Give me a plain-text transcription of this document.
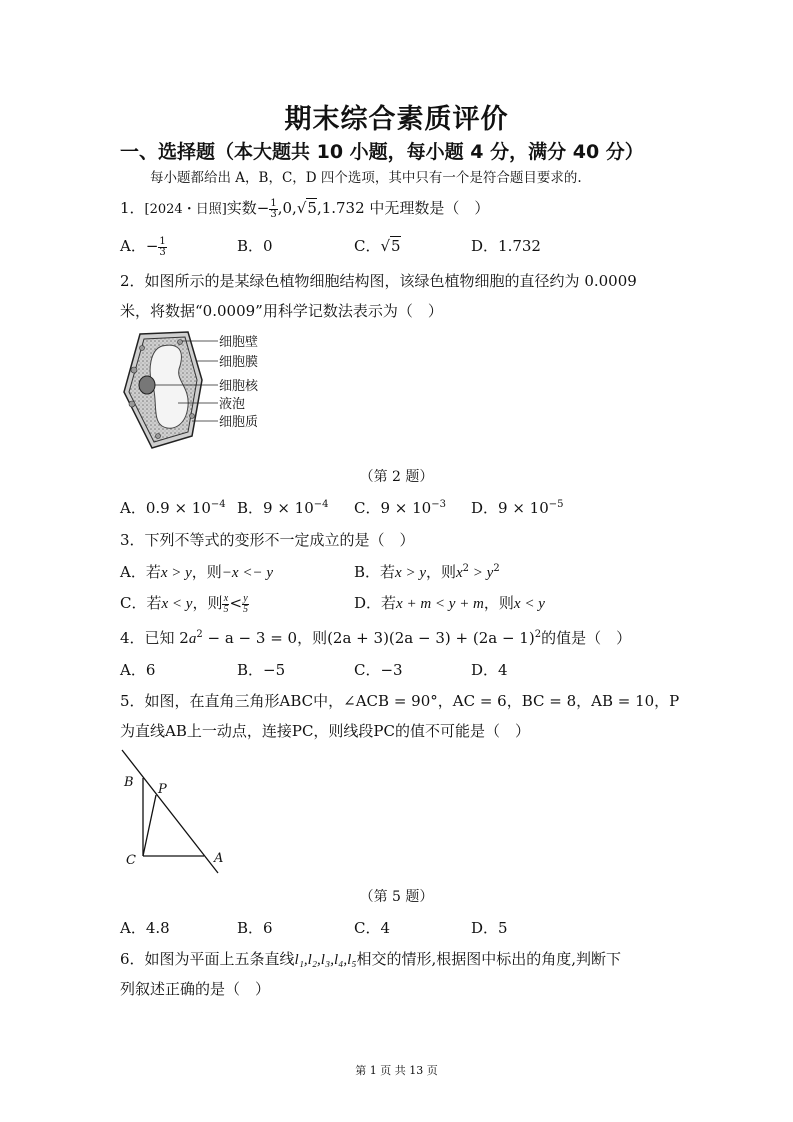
期末综合素质评价
一、选择题（本大题共 10 小题，每小题 4 分，满分 40 分）
每小题都给出 A，B，C，D 四个选项，其中只有一个是符合题目要求的.
1．[2024・日照]实数− $\frac{1}{3} ,0,√5,1.732$ 中无理数是（　）
A．− $\frac{1}{3}$	B．0	C．√5	D．1.732
2．如图所示的是某绿色植物细胞结构图，该绿色植物细胞的直径约为 0.0009
米，将数据“0.0009”用科学记数法表示为（　）
细胞壁
细胞膜
细胞核
液泡
细胞质
（第 2 题）
A．$0.9 \times 10^{-4}$ B．$9 \times 10^{-4}$ C．$9 \times 10^{-3}$ D．$9 \times 10^{-5}$
3．下列不等式的变形不一定成立的是（　）
A．若x > y，则−x <− y	B．若x > y，则$x^2 > y^2$
C．若x < y，则 $\frac{x}{5} < \frac{y}{5}$	D．若x + m < y + m，则x < y
4．已知 $2a^2 - a - 3 = 0$，则$(2a + 3)(2a - 3) + (2a - 1)^2$的值是（　）
A．6	B．−5	C．−3	D．4
5．如图，在直角三角形ABC中，∠ACB = 90°，AC = 6，BC = 8，AB = 10，P
为直线AB上一动点，连接PC，则线段PC的值不可能是（　）
B P
C	A
（第 5 题）
A．4.8	B．6	C．4	D．5
6．如图为平面上五条直线l₁,l₂,l₃,l₄,l₅相交的情形,根据图中标出的角度,判断下
列叙述正确的是（　）
第 1 页 共 13 页
